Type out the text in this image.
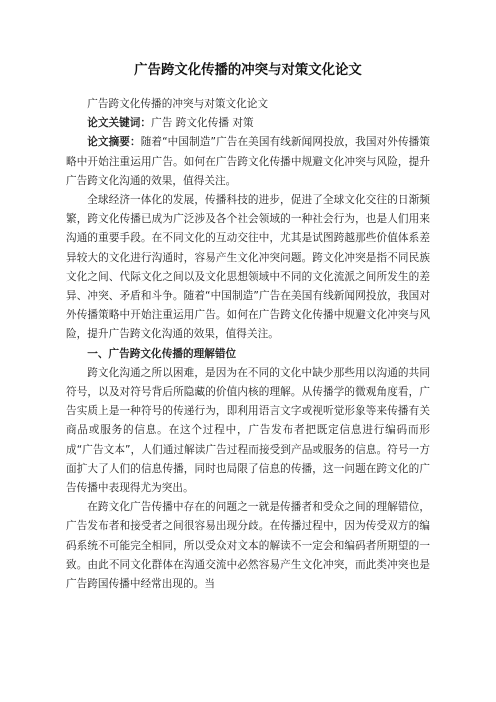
广告跨文化传播的冲突与对策文化论文
广告跨文化传播的冲突与对策文化论文
论文关键词：广告 跨文化传播 对策
论文摘要：随着“中国制造”广告在美国有线新闻网投放，我国对外传播策略中开始注重运用广告。如何在广告跨文化传播中规避文化冲突与风险，提升广告跨文化沟通的效果，值得关注。
全球经济一体化的发展，传播科技的进步，促进了全球文化交往的日渐频繁，跨文化传播已成为广泛涉及各个社会领域的一种社会行为，也是人们用来沟通的重要手段。在不同文化的互动交往中，尤其是试图跨越那些价值体系差异较大的文化进行沟通时，容易产生文化冲突问题。跨文化冲突是指不同民族文化之间、代际文化之间以及文化思想领域中不同的文化流派之间所发生的差异、冲突、矛盾和斗争。随着“中国制造”广告在美国有线新闻网投放，我国对外传播策略中开始注重运用广告。如何在广告跨文化传播中规避文化冲突与风险，提升广告跨文化沟通的效果，值得关注。
一、广告跨文化传播的理解错位
跨文化沟通之所以困难，是因为在不同的文化中缺少那些用以沟通的共同符号，以及对符号背后所隐藏的价值内核的理解。从传播学的微观角度看，广告实质上是一种符号的传递行为，即利用语言文字或视听觉形象等来传播有关商品或服务的信息。在这个过程中，广告发布者把既定信息进行编码而形成“广告文本”，人们通过解读广告过程而接受到产品或服务的信息。符号一方面扩大了人们的信息传播，同时也局限了信息的传播，这一问题在跨文化的广告传播中表现得尤为突出。
在跨文化广告传播中存在的问题之一就是传播者和受众之间的理解错位，广告发布者和接受者之间很容易出现分歧。在传播过程中，因为传受双方的编码系统不可能完全相同，所以受众对文本的解读不一定会和编码者所期望的一致。由此不同文化群体在沟通交流中必然容易产生文化冲突，而此类冲突也是广告跨国传播中经常出现的。当
